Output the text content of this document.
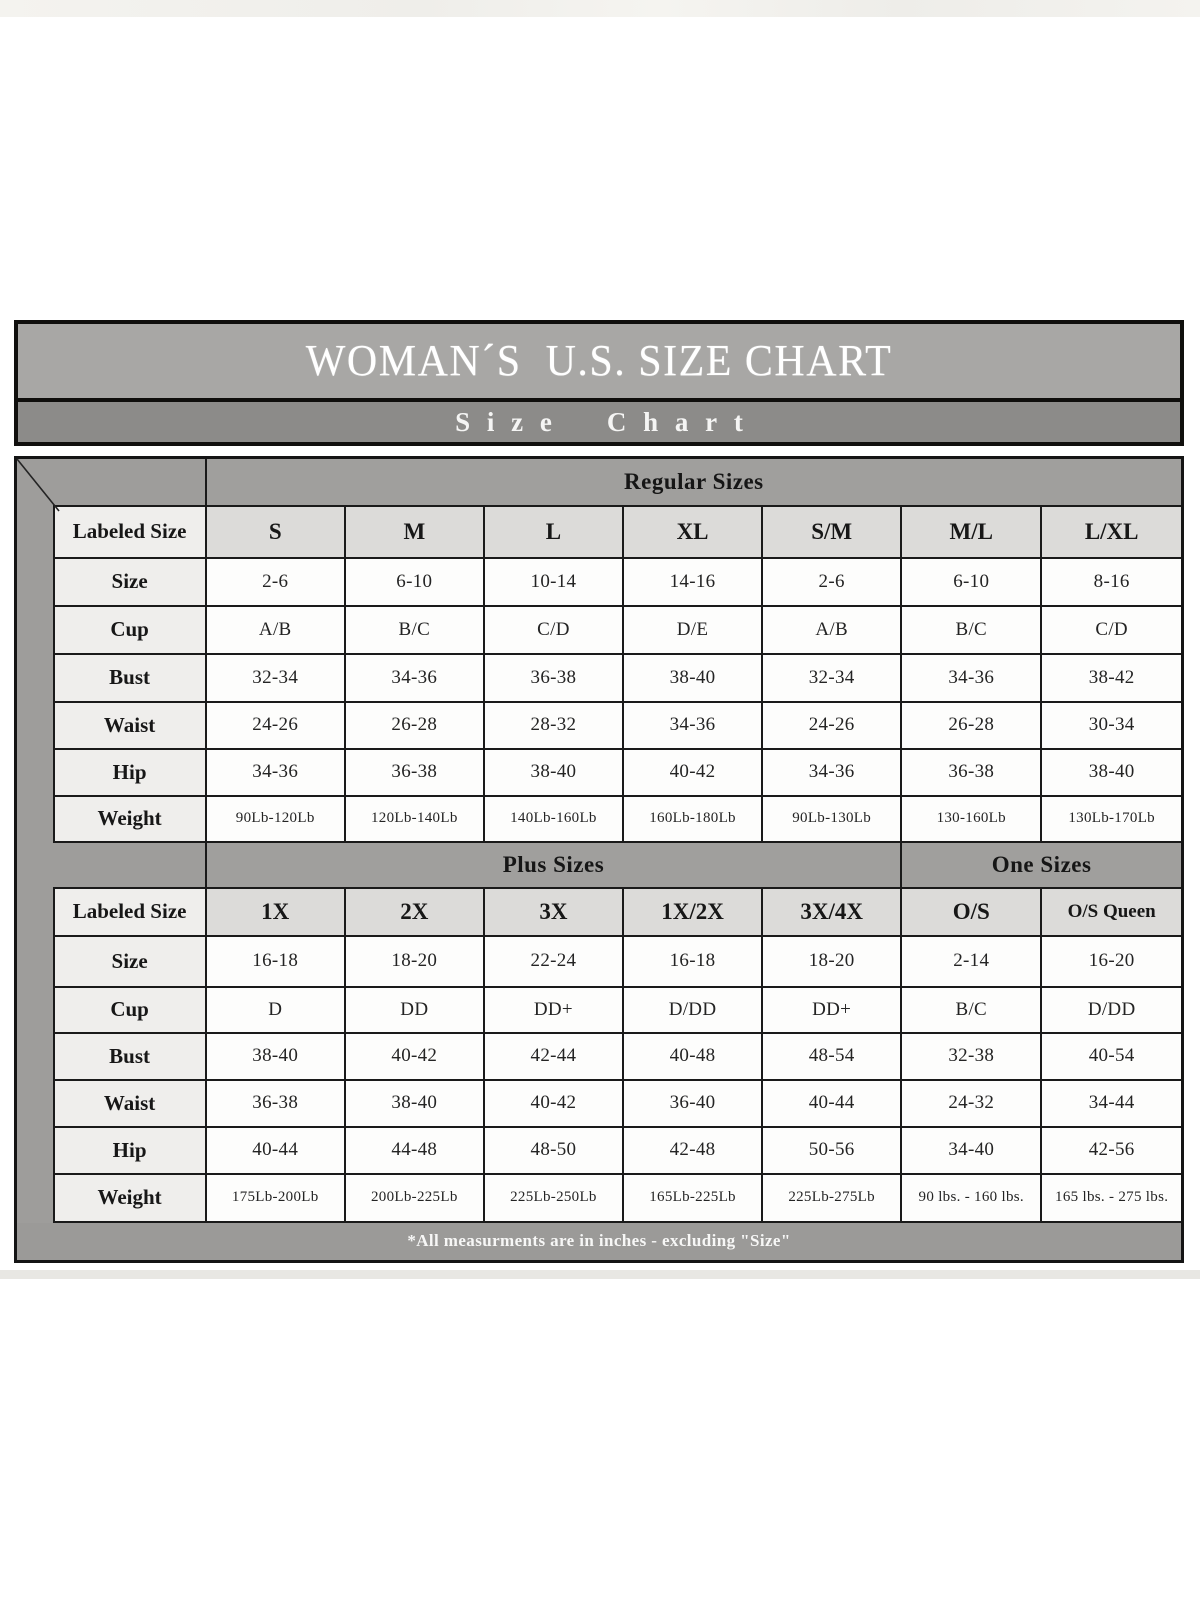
WOMAN´S  U.S. SIZE CHART
Size Chart
		Regular Sizes						
	Labeled Size	S	M	L	XL	S/M	M/L	L/XL
	Size	2-6	6-10	10-14	14-16	2-6	6-10	8-16
	Cup	A/B	B/C	C/D	D/E	A/B	B/C	C/D
	Bust	32-34	34-36	36-38	38-40	32-34	34-36	38-42
	Waist	24-26	26-28	28-32	34-36	24-26	26-28	30-34
	Hip	34-36	36-38	38-40	40-42	34-36	36-38	38-40
	Weight	90Lb-120Lb	120Lb-140Lb	140Lb-160Lb	160Lb-180Lb	90Lb-130Lb	130-160Lb	130Lb-170Lb
		Plus Sizes					One Sizes	
	Labeled Size	1X	2X	3X	1X/2X	3X/4X	O/S	O/S Queen
	Size	16-18	18-20	22-24	16-18	18-20	2-14	16-20
	Cup	D	DD	DD+	D/DD	DD+	B/C	D/DD
	Bust	38-40	40-42	42-44	40-48	48-54	32-38	40-54
	Waist	36-38	38-40	40-42	36-40	40-44	24-32	34-44
	Hip	40-44	44-48	48-50	42-48	50-56	34-40	42-56
	Weight	175Lb-200Lb	200Lb-225Lb	225Lb-250Lb	165Lb-225Lb	225Lb-275Lb	90 lbs. - 160 lbs.	165 lbs. - 275 lbs.
*All measurments are in inches - excluding "Size"								
